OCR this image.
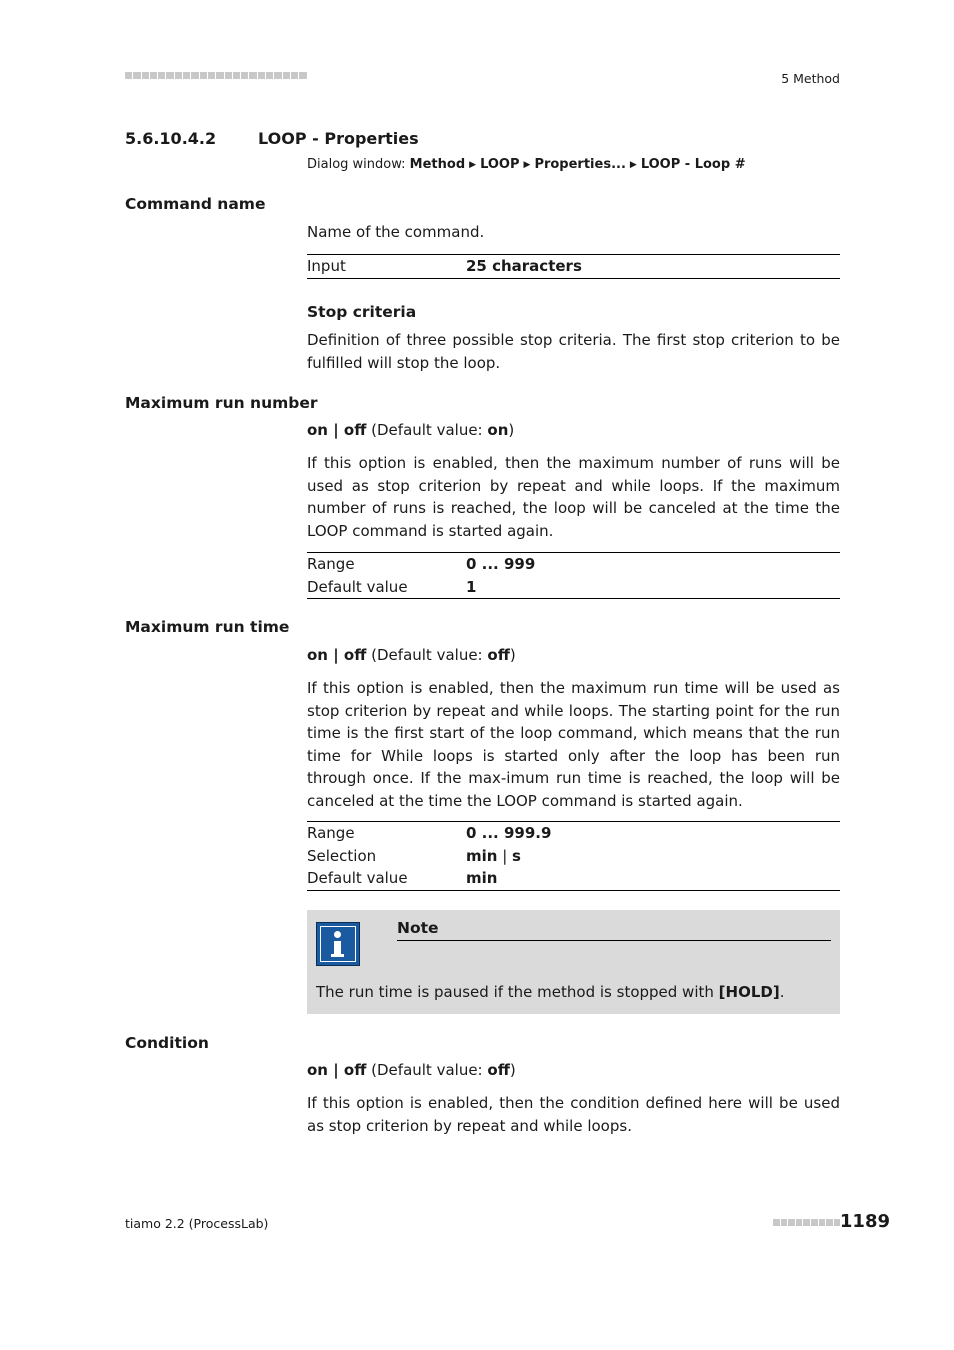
5 Method
5.6.10.4.2	LOOP - Properties
Dialog window: Method ▶ LOOP ▶ Properties... ▶ LOOP - Loop #
Command name
Name of the command.
Input	25 characters
Stop criteria
Definition of three possible stop criteria. The first stop criterion to be fulfilled will stop the loop.
Maximum run number
on | off (Default value: on)
If this option is enabled, then the maximum number of runs will be used as stop criterion by repeat and while loops. If the maximum number of runs is reached, the loop will be canceled at the time the LOOP command is started again.
Range	0 ... 999
Default value	1
Maximum run time
on | off (Default value: off)
If this option is enabled, then the maximum run time will be used as stop criterion by repeat and while loops. The starting point for the run time is the first start of the loop command, which means that the run time for While loops is started only after the loop has been run through once. If the max-imum run time is reached, the loop will be canceled at the time the LOOP command is started again.
Range	0 ... 999.9
Selection	min | s
Default value	min
Note
The run time is paused if the method is stopped with [HOLD].
Condition
on | off (Default value: off)
If this option is enabled, then the condition defined here will be used as stop criterion by repeat and while loops.
tiamo 2.2 (ProcessLab)	1189
